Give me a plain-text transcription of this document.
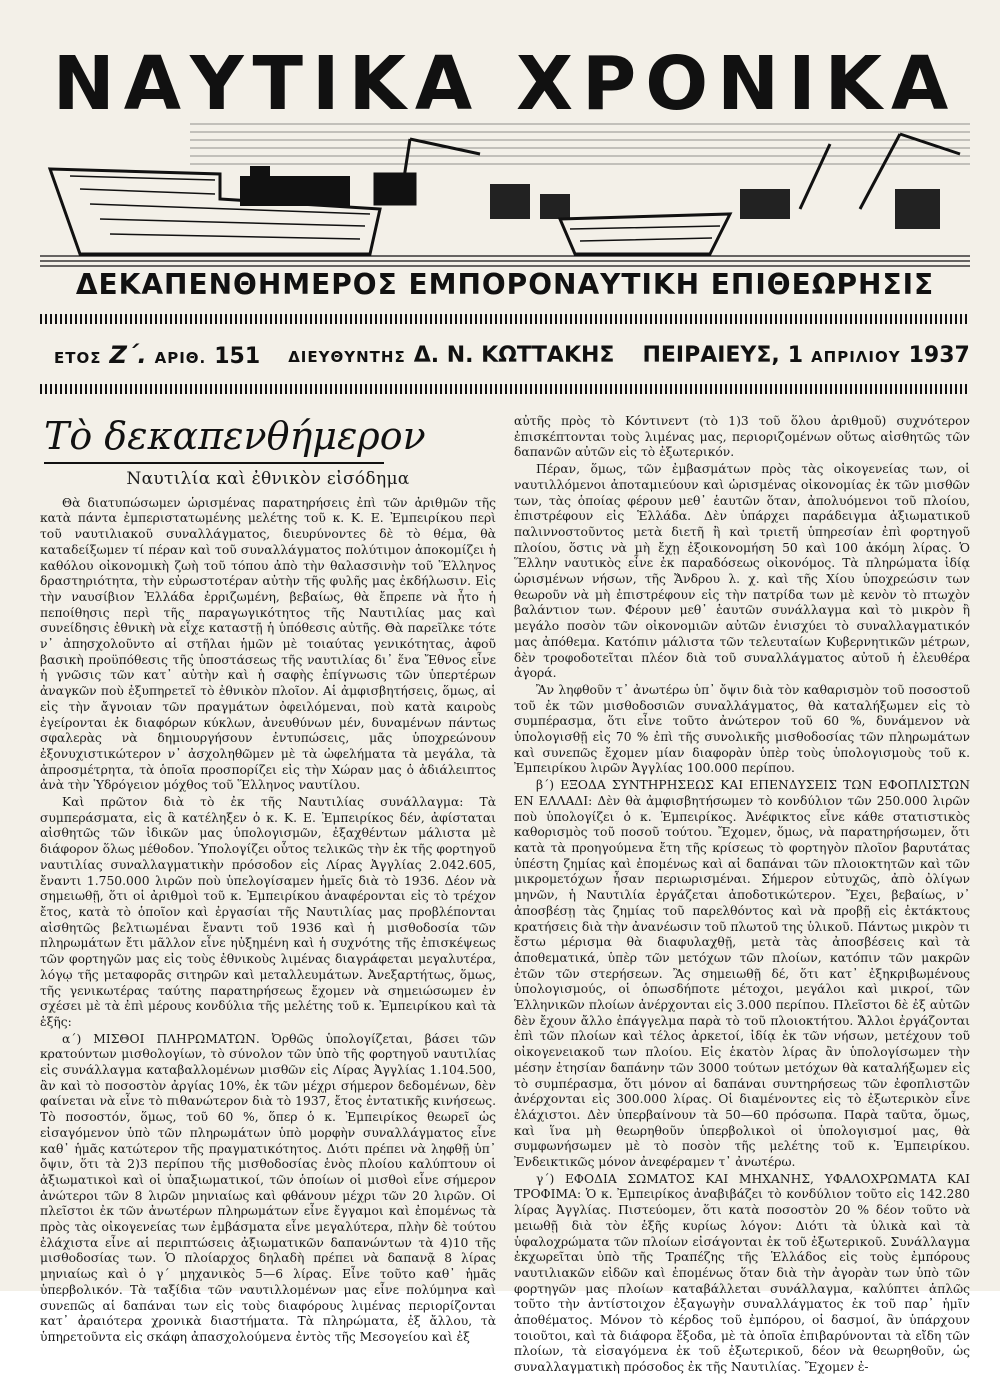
ΝΑΥΤΙΚΑ ΧΡΟΝΙΚΑ
ΔΕΚΑΠΕΝΘΗΜΕΡΟΣ ΕΜΠΟΡΟΝΑΥΤΙΚΗ ΕΠΙΘΕΩΡΗΣΙΣ
ΕΤΟΣ Ζ΄. ΑΡΙΘ. 151 ΔΙΕΥΘΥΝΤΗΣ Δ. Ν. ΚΩΤΤΑΚΗΣ ΠΕΙΡΑΙΕΥΣ, 1 ΑΠΡΙΛΙΟΥ 1937
Τὸ δεκαπενθήμερον
Ναυτιλία καὶ ἐθνικὸν εἰσόδημα

Θὰ διατυπώσωμεν ὡρισμένας παρατηρήσεις ἐπὶ τῶν ἀριθμῶν τῆς κατὰ πάντα ἐμπεριστατωμένης μελέτης τοῦ κ. Κ. Ε. Ἐμπειρίκου περὶ τοῦ ναυτιλιακοῦ συναλλάγματος, διευρύνοντες δὲ τὸ θέμα, θὰ καταδείξωμεν τί πέραν καὶ τοῦ συναλλάγματος πολύτιμον ἀποκομίζει ἡ καθόλου οἰκονομικὴ ζωὴ τοῦ τόπου ἀπὸ τὴν θαλασσινὴν τοῦ Ἕλληνος δραστηριότητα, τὴν εὐρωστοτέραν αὐτὴν τῆς φυλῆς μας ἐκδήλωσιν. Εἰς τὴν ναυσίβιον Ἑλλάδα ἐρριζωμένη, βεβαίως, θὰ ἔπρεπε νὰ ἦτο ἡ πεποίθησις περὶ τῆς παραγωγικότητος τῆς Ναυτιλίας μας καὶ συνείδησις ἐθνικὴ νὰ εἶχε καταστῇ ἡ ὑπόθεσις αὐτῆς. Θὰ παρεῖλκε τότε ν᾽ ἀπησχολοῦντο αἱ στῆλαι ἡμῶν μὲ τοιαύτας γενικότητας, ἀφοῦ βασικὴ προϋπόθεσις τῆς ὑποστάσεως τῆς ναυτιλίας δι᾽ ἕνα Ἔθνος εἶνε ἡ γνῶσις τῶν κατ᾽ αὐτὴν καὶ ἡ σαφὴς ἐπίγνωσις τῶν ὑπερτέρων ἀναγκῶν ποὺ ἐξυπηρετεῖ τὸ ἐθνικὸν πλοῖον. Αἱ ἀμφισβητήσεις, ὅμως, αἱ εἰς τὴν ἄγνοιαν τῶν πραγμάτων ὀφειλόμεναι, ποὺ κατὰ καιροὺς ἐγείρονται ἐκ διαφόρων κύκλων, ἀνευθύνων μέν, δυναμένων πάντως σφαλερὰς νὰ δημιουργήσουν ἐντυπώσεις, μᾶς ὑποχρεώνουν ἐξονυχιστικώτερον ν᾽ ἀσχοληθῶμεν μὲ τὰ ὠφελήματα τὰ μεγάλα, τὰ ἀπροσμέτρητα, τὰ ὁποῖα προσπορίζει εἰς τὴν Χώραν μας ὁ ἀδιάλειπτος ἀνὰ τὴν Ὑδρόγειον μόχθος τοῦ Ἕλληνος ναυτίλου.

Καὶ πρῶτον διὰ τὸ ἐκ τῆς Ναυτιλίας συνάλλαγμα: Τὰ συμπεράσματα, εἰς ἃ κατέληξεν ὁ κ. Κ. Ε. Ἐμπειρίκος δέν, ἀφίσταται αἰσθητῶς τῶν ἰδικῶν μας ὑπολογισμῶν, ἐξαχθέντων μάλιστα μὲ διάφορον ὅλως μέθοδον. Ὑπολογίζει οὗτος τελικῶς τὴν ἐκ τῆς φορτηγοῦ ναυτιλίας συναλλαγματικὴν πρόσοδον εἰς Λίρας Ἀγγλίας 2.042.605, ἔναντι 1.750.000 λιρῶν ποὺ ὑπελογίσαμεν ἡμεῖς διὰ τὸ 1936. Δέον νὰ σημειωθῇ, ὅτι οἱ ἀριθμοὶ τοῦ κ. Ἐμπειρίκου ἀναφέρονται εἰς τὸ τρέχον ἔτος, κατὰ τὸ ὁποῖον καὶ ἐργασίαι τῆς Ναυτιλίας μας προβλέπονται αἰσθητῶς βελτιωμέναι ἔναντι τοῦ 1936 καὶ ἡ μισθοδοσία τῶν πληρωμάτων ἔτι μᾶλλον εἶνε ηὐξημένη καὶ ἡ συχνότης τῆς ἐπισκέψεως τῶν φορτηγῶν μας εἰς τοὺς ἐθνικοὺς λιμένας διαγράφεται μεγαλυτέρα, λόγῳ τῆς μεταφορᾶς σιτηρῶν καὶ μεταλλευμάτων. Ἀνεξαρτήτως, ὅμως, τῆς γενικωτέρας ταύτης παρατηρήσεως ἔχομεν νὰ σημειώσωμεν ἐν σχέσει μὲ τὰ ἐπὶ μέρους κονδύλια τῆς μελέτης τοῦ κ. Ἐμπειρίκου καὶ τὰ ἑξῆς:

α΄) ΜΙΣΘΟΙ ΠΛΗΡΩΜΑΤΩΝ. Ὀρθῶς ὑπολογίζεται, βάσει τῶν κρατούντων μισθολογίων, τὸ σύνολον τῶν ὑπὸ τῆς φορτηγοῦ ναυτιλίας εἰς συνάλλαγμα καταβαλλομένων μισθῶν εἰς Λίρας Ἀγγλίας 1.104.500, ἂν καὶ τὸ ποσοστὸν ἀργίας 10%, ἐκ τῶν μέχρι σήμερον δεδομένων, δὲν φαίνεται νὰ εἶνε τὸ πιθανώτερον διὰ τὸ 1937, ἔτος ἐντατικῆς κινήσεως. Τὸ ποσοστόν, ὅμως, τοῦ 60 %, ὅπερ ὁ κ. Ἐμπειρίκος θεωρεῖ ὡς εἰσαγόμενον ὑπὸ τῶν πληρωμάτων ὑπὸ μορφὴν συναλλάγματος εἶνε καθ᾽ ἡμᾶς κατώτερον τῆς πραγματικότητος. Διότι πρέπει νὰ ληφθῇ ὑπ᾽ ὄψιν, ὅτι τὰ 2)3 περίπου τῆς μισθοδοσίας ἑνὸς πλοίου καλύπτουν οἱ ἀξιωματικοὶ καὶ οἱ ὑπαξιωματικοί, τῶν ὁποίων οἱ μισθοὶ εἶνε σήμερον ἀνώτεροι τῶν 8 λιρῶν μηνιαίως καὶ φθάνουν μέχρι τῶν 20 λιρῶν. Οἱ πλεῖστοι ἐκ τῶν ἀνωτέρων πληρωμάτων εἶνε ἔγγαμοι καὶ ἐπομένως τὰ πρὸς τὰς οἰκογενείας των ἐμβάσματα εἶνε μεγαλύτερα, πλὴν δὲ τούτου ἐλάχιστα εἶνε αἱ περιπτώσεις ἀξιωματικῶν δαπανώντων τὰ 4)10 τῆς μισθοδοσίας των. Ὁ πλοίαρχος δηλαδὴ πρέπει νὰ δαπανᾷ 8 λίρας μηνιαίως καὶ ὁ γ΄ μηχανικὸς 5—6 λίρας. Εἶνε τοῦτο καθ᾽ ἡμᾶς ὑπερβολικόν. Τὰ ταξίδια τῶν ναυτιλλομένων μας εἶνε πολύμηνα καὶ συνεπῶς αἱ δαπάναι των εἰς τοὺς διαφόρους λιμένας περιορίζονται κατ᾽ ἀραιότερα χρονικὰ διαστήματα. Τὰ πληρώματα, ἐξ ἄλλου, τὰ ὑπηρετοῦντα εἰς σκάφη ἀπασχολούμενα ἐντὸς τῆς Μεσογείου καὶ ἐξ

αὐτῆς πρὸς τὸ Κόντινεντ (τὸ 1)3 τοῦ ὅλου ἀριθμοῦ) συχνότερον ἐπισκέπτονται τοὺς λιμένας μας, περιοριζομένων οὕτως αἰσθητῶς τῶν δαπανῶν αὐτῶν εἰς τὸ ἐξωτερικόν.

Πέραν, ὅμως, τῶν ἐμβασμάτων πρὸς τὰς οἰκογενείας των, οἱ ναυτιλλόμενοι ἀποταμιεύουν καὶ ὡρισμένας οἰκονομίας ἐκ τῶν μισθῶν των, τὰς ὁποίας φέρουν μεθ᾽ ἑαυτῶν ὅταν, ἀπολυόμενοι τοῦ πλοίου, ἐπιστρέφουν εἰς Ἑλλάδα. Δὲν ὑπάρχει παράδειγμα ἀξιωματικοῦ παλιννοστοῦντος μετὰ διετῆ ἢ καὶ τριετῆ ὑπηρεσίαν ἐπὶ φορτηγοῦ πλοίου, ὅστις νὰ μὴ ἔχῃ ἐξοικονομήση 50 καὶ 100 ἀκόμη λίρας. Ὁ Ἕλλην ναυτικὸς εἶνε ἐκ παραδόσεως οἰκονόμος. Τὰ πληρώματα ἰδίᾳ ὡρισμένων νήσων, τῆς Ἄνδρου λ. χ. καὶ τῆς Χίου ὑποχρεώσιν των θεωροῦν νὰ μὴ ἐπιστρέφουν εἰς τὴν πατρίδα των μὲ κενὸν τὸ πτωχὸν βαλάντιον των. Φέρουν μεθ᾽ ἑαυτῶν συνάλλαγμα καὶ τὸ μικρὸν ἢ μεγάλο ποσὸν τῶν οἰκονομιῶν αὐτῶν ἐνισχύει τὸ συναλλαγματικόν μας ἀπόθεμα. Κατόπιν μάλιστα τῶν τελευταίων Κυβερνητικῶν μέτρων, δὲν τροφοδοτεῖται πλέον διὰ τοῦ συναλλάγματος αὐτοῦ ἡ ἐλευθέρα ἀγορά.

Ἂν ληφθοῦν τ᾽ ἀνωτέρω ὑπ᾽ ὄψιν διὰ τὸν καθαρισμὸν τοῦ ποσοστοῦ τοῦ ἐκ τῶν μισθοδοσιῶν συναλλάγματος, θὰ καταλήξωμεν εἰς τὸ συμπέρασμα, ὅτι εἶνε τοῦτο ἀνώτερον τοῦ 60 %, δυνάμενον νὰ ὑπολογισθῇ εἰς 70 % ἐπὶ τῆς συνολικῆς μισθοδοσίας τῶν πληρωμάτων καὶ συνεπῶς ἔχομεν μίαν διαφορὰν ὑπὲρ τοὺς ὑπολογισμοὺς τοῦ κ. Ἐμπειρίκου λιρῶν Ἀγγλίας 100.000 περίπου.

β΄) ΕΞΟΔΑ ΣΥΝΤΗΡΗΣΕΩΣ ΚΑΙ ΕΠΕΝΔΥΣΕΙΣ ΤΩΝ ΕΦΟΠΛΙΣΤΩΝ ΕΝ ΕΛΛΑΔΙ: Δὲν θὰ ἀμφισβητήσωμεν τὸ κονδύλιον τῶν 250.000 λιρῶν ποὺ ὑπολογίζει ὁ κ. Ἐμπειρίκος. Ἀνέφικτος εἶνε κάθε στατιστικὸς καθορισμὸς τοῦ ποσοῦ τούτου. Ἔχομεν, ὅμως, νὰ παρατηρήσωμεν, ὅτι κατὰ τὰ προηγούμενα ἔτη τῆς κρίσεως τὸ φορτηγὸν πλοῖον βαρυτάτας ὑπέστη ζημίας καὶ ἐπομένως καὶ αἱ δαπάναι τῶν πλοιοκτητῶν καὶ τῶν μικρομετόχων ἦσαν περιωρισμέναι. Σήμερον εὐτυχῶς, ἀπὸ ὀλίγων μηνῶν, ἡ Ναυτιλία ἐργάζεται ἀποδοτικώτερον. Ἔχει, βεβαίως, ν᾽ ἀποσβέσῃ τὰς ζημίας τοῦ παρελθόντος καὶ νὰ προβῇ εἰς ἐκτάκτους κρατήσεις διὰ τὴν ἀνανέωσιν τοῦ πλωτοῦ της ὑλικοῦ. Πάντως μικρὸν τι ἔστω μέρισμα θὰ διαφυλαχθῇ, μετὰ τὰς ἀποσβέσεις καὶ τὰ ἀποθεματικά, ὑπὲρ τῶν μετόχων τῶν πλοίων, κατόπιν τῶν μακρῶν ἐτῶν τῶν στερήσεων. Ἂς σημειωθῇ δέ, ὅτι κατ᾽ ἐξηκριβωμένους ὑπολογισμούς, οἱ ὁπωσδήποτε μέτοχοι, μεγάλοι καὶ μικροί, τῶν Ἑλληνικῶν πλοίων ἀνέρχονται εἰς 3.000 περίπου. Πλεῖστοι δὲ ἐξ αὐτῶν δὲν ἔχουν ἄλλο ἐπάγγελμα παρὰ τὸ τοῦ πλοιοκτήτου. Ἄλλοι ἐργάζονται ἐπὶ τῶν πλοίων καὶ τέλος ἀρκετοί, ἰδίᾳ ἐκ τῶν νήσων, μετέχουν τοῦ οἰκογενειακοῦ των πλοίου. Εἰς ἑκατὸν λίρας ἂν ὑπολογίσωμεν τὴν μέσην ἐτησίαν δαπάνην τῶν 3000 τούτων μετόχων θὰ καταλήξωμεν εἰς τὸ συμπέρασμα, ὅτι μόνον αἱ δαπάναι συντηρήσεως τῶν ἐφοπλιστῶν ἀνέρχονται εἰς 300.000 λίρας. Οἱ διαμένοντες εἰς τὸ ἐξωτερικὸν εἶνε ἐλάχιστοι. Δὲν ὑπερβαίνουν τὰ 50—60 πρόσωπα. Παρὰ ταῦτα, ὅμως, καὶ ἵνα μὴ θεωρηθοῦν ὑπερβολικοὶ οἱ ὑπολογισμοί μας, θὰ συμφωνήσωμεν μὲ τὸ ποσὸν τῆς μελέτης τοῦ κ. Ἐμπειρίκου. Ἐνδεικτικῶς μόνον ἀνεφέραμεν τ᾽ ἀνωτέρω.

γ΄) ΕΦΟΔΙΑ ΣΩΜΑΤΟΣ ΚΑΙ ΜΗΧΑΝΗΣ, ΥΦΑΛΟΧΡΩΜΑΤΑ ΚΑΙ ΤΡΟΦΙΜΑ: Ὁ κ. Ἐμπειρίκος ἀναβιβάζει τὸ κονδύλιον τοῦτο εἰς 142.280 λίρας Ἀγγλίας. Πιστεύομεν, ὅτι κατὰ ποσοστὸν 20 % δέον τοῦτο νὰ μειωθῇ διὰ τὸν ἑξῆς κυρίως λόγον: Διότι τὰ ὑλικὰ καὶ τὰ ὑφαλοχρώματα τῶν πλοίων εἰσάγονται ἐκ τοῦ ἐξωτερικοῦ. Συνάλλαγμα ἐκχωρεῖται ὑπὸ τῆς Τραπέζης τῆς Ἑλλάδος εἰς τοὺς ἐμπόρους ναυτιλιακῶν εἰδῶν καὶ ἐπομένως ὅταν διὰ τὴν ἀγορὰν των ὑπὸ τῶν φορτηγῶν μας πλοίων καταβάλλεται συνάλλαγμα, καλύπτει ἁπλῶς τοῦτο τὴν ἀντίστοιχον ἐξαγωγὴν συναλλάγματος ἐκ τοῦ παρ᾽ ἡμῖν ἀποθέματος. Μόνον τὸ κέρδος τοῦ ἐμπόρου, οἱ δασμοί, ἂν ὑπάρχουν τοιοῦτοι, καὶ τὰ διάφορα ἔξοδα, μὲ τὰ ὁποῖα ἐπιβαρύνονται τὰ εἴδη τῶν πλοίων, τὰ εἰσαγόμενα ἐκ τοῦ ἐξωτερικοῦ, δέον νὰ θεωρηθοῦν, ὡς συναλλαγματικὴ πρόσοδος ἐκ τῆς Ναυτιλίας. Ἔχομεν ἐ-
